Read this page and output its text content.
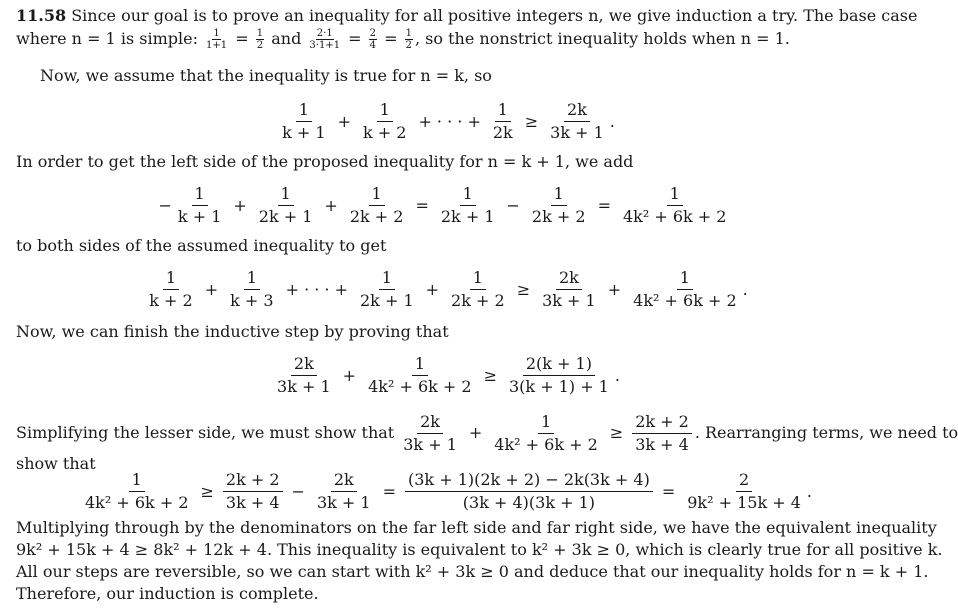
11.58 Since our goal is to prove an inequality for all positive integers n, we give induction a try. The base case
where n = 1 is simple: $\frac{1}{1+1} = \frac{1}{2}$ and $\frac{2\cdot 1}{3\cdot 1+1} = \frac{2}{4} = \frac{1}{2}$ , so the nonstrict inequality holds when n = 1.
Now, we assume that the inequality is true for n = k, so
$\frac{1}{k + 1} + \frac{1}{k + 2}$ + · · · + $\frac{1}{2k} \ge \frac{2k}{3k + 1}$ .
In order to get the left side of the proposed inequality for n = k + 1, we add
− $\frac{1}{k + 1} + \frac{1}{2k + 1} + \frac{1}{2k + 2} = \frac{1}{2k + 1} - \frac{1}{2k + 2} = \frac{1}{\text{4k² + 6k + 2}}$
to both sides of the assumed inequality to get
$\frac{1}{k + 2} + \frac{1}{k + 3}$ + · · · + $\frac{1}{2k + 1} + \frac{1}{2k + 2} \ge \frac{2k}{3k + 1} + \frac{1}{\text{4k² + 6k + 2}}$ .
Now, we can finish the inductive step by proving that
$\frac{2k}{3k + 1} + \frac{1}{\text{4k² + 6k + 2}} \ge \frac{2(k + 1)}{3(k + 1) + 1}$ .
Simplifying the lesser side, we must show that $\frac{2k}{3k + 1} + \frac{1}{\text{4k² + 6k + 2}} \ge \frac{2k + 2}{3k + 4}$ . Rearranging terms, we need to
show that
$\frac{1}{\text{4k² + 6k + 2}} \ge \frac{2k + 2}{3k + 4} - \frac{2k}{3k + 1} = \frac{(3k + 1)(2k + 2) - 2k(3k + 4)}{(3k + 4)(3k + 1)} = \frac{2}{\text{9k² + 15k + 4}}$ .
Multiplying through by the denominators on the far left side and far right side, we have the equivalent inequality
9k² + 15k + 4 ≥ 8k² + 12k + 4. This inequality is equivalent to k² + 3k ≥ 0, which is clearly true for all positive k.
All our steps are reversible, so we can start with k² + 3k ≥ 0 and deduce that our inequality holds for n = k + 1.
Therefore, our induction is complete.
